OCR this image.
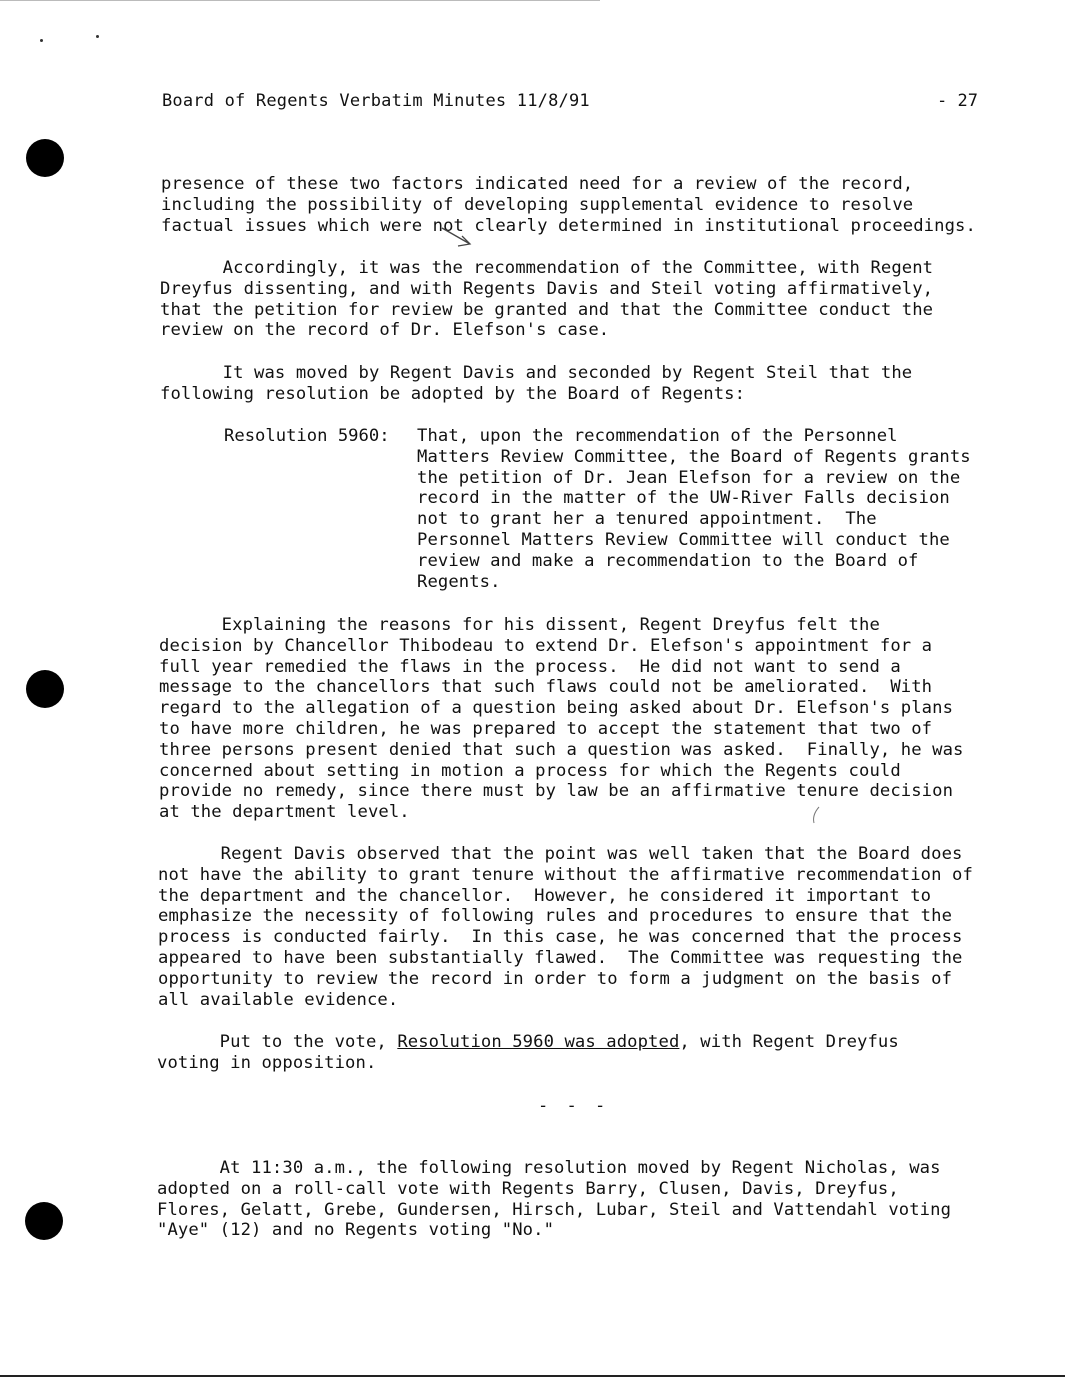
Board of Regents Verbatim Minutes 11/8/91	- 27
presence of these two factors indicated need for a review of the record,
including the possibility of developing supplemental evidence to resolve
factual issues which were not clearly determined in institutional proceedings.
Accordingly, it was the recommendation of the Committee, with Regent
Dreyfus dissenting, and with Regents Davis and Steil voting affirmatively,
that the petition for review be granted and that the Committee conduct the
review on the record of Dr. Elefson's case.
It was moved by Regent Davis and seconded by Regent Steil that the
following resolution be adopted by the Board of Regents:
Resolution 5960: That, upon the recommendation of the Personnel
Matters Review Committee, the Board of Regents grants
the petition of Dr. Jean Elefson for a review on the
record in the matter of the UW-River Falls decision
not to grant her a tenured appointment.  The
Personnel Matters Review Committee will conduct the
review and make a recommendation to the Board of
Regents.
Explaining the reasons for his dissent, Regent Dreyfus felt the
decision by Chancellor Thibodeau to extend Dr. Elefson's appointment for a
full year remedied the flaws in the process.  He did not want to send a
message to the chancellors that such flaws could not be ameliorated.  With
regard to the allegation of a question being asked about Dr. Elefson's plans
to have more children, he was prepared to accept the statement that two of
three persons present denied that such a question was asked.  Finally, he was
concerned about setting in motion a process for which the Regents could
provide no remedy, since there must by law be an affirmative tenure decision
at the department level.
Regent Davis observed that the point was well taken that the Board does
not have the ability to grant tenure without the affirmative recommendation of
the department and the chancellor.  However, he considered it important to
emphasize the necessity of following rules and procedures to ensure that the
process is conducted fairly.  In this case, he was concerned that the process
appeared to have been substantially flawed.  The Committee was requesting the
opportunity to review the record in order to form a judgment on the basis of
all available evidence.
Put to the vote, Resolution 5960 was adopted, with Regent Dreyfus
voting in opposition.
- - -
At 11:30 a.m., the following resolution moved by Regent Nicholas, was
adopted on a roll-call vote with Regents Barry, Clusen, Davis, Dreyfus,
Flores, Gelatt, Grebe, Gundersen, Hirsch, Lubar, Steil and Vattendahl voting
"Aye" (12) and no Regents voting "No."
